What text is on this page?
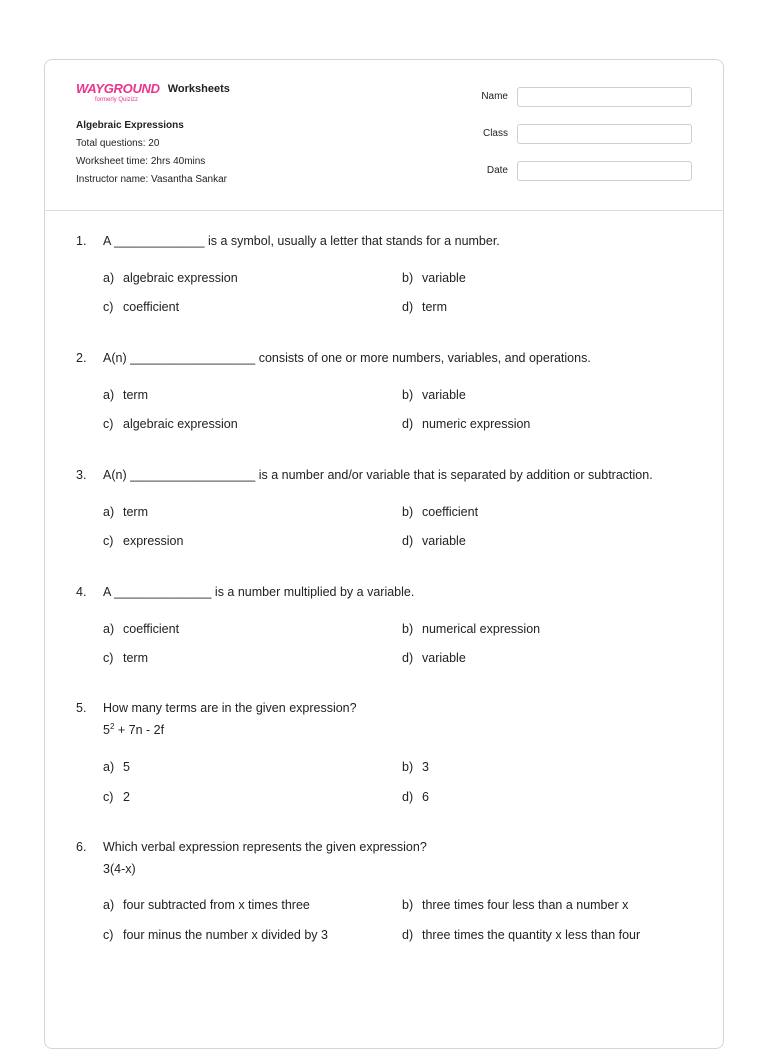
WAYGROUND
formerly Quizizz
Worksheets
Algebraic Expressions
Total questions: 20
Worksheet time: 2hrs 40mins
Instructor name: Vasantha Sankar
Name
Class
Date
1. A _____________ is a symbol, usually a letter that stands for a number.
a) algebraic expression	b) variable
c) coefficient	d) term
2. A(n) __________________ consists of one or more numbers, variables, and operations.
a) term	b) variable
c) algebraic expression	d) numeric expression
3. A(n) __________________ is a number and/or variable that is separated by addition or subtraction.
a) term	b) coefficient
c) expression	d) variable
4. A ______________ is a number multiplied by a variable.
a) coefficient	b) numerical expression
c) term	d) variable
5. How many terms are in the given expression?
$5^2 + 7n - 2f$
a) 5	b) 3
c) 2	d) 6
6. Which verbal expression represents the given expression?
3(4-x)
a) four subtracted from x times three	b) three times four less than a number x
c) four minus the number x divided by 3	d) three times the quantity x less than four
